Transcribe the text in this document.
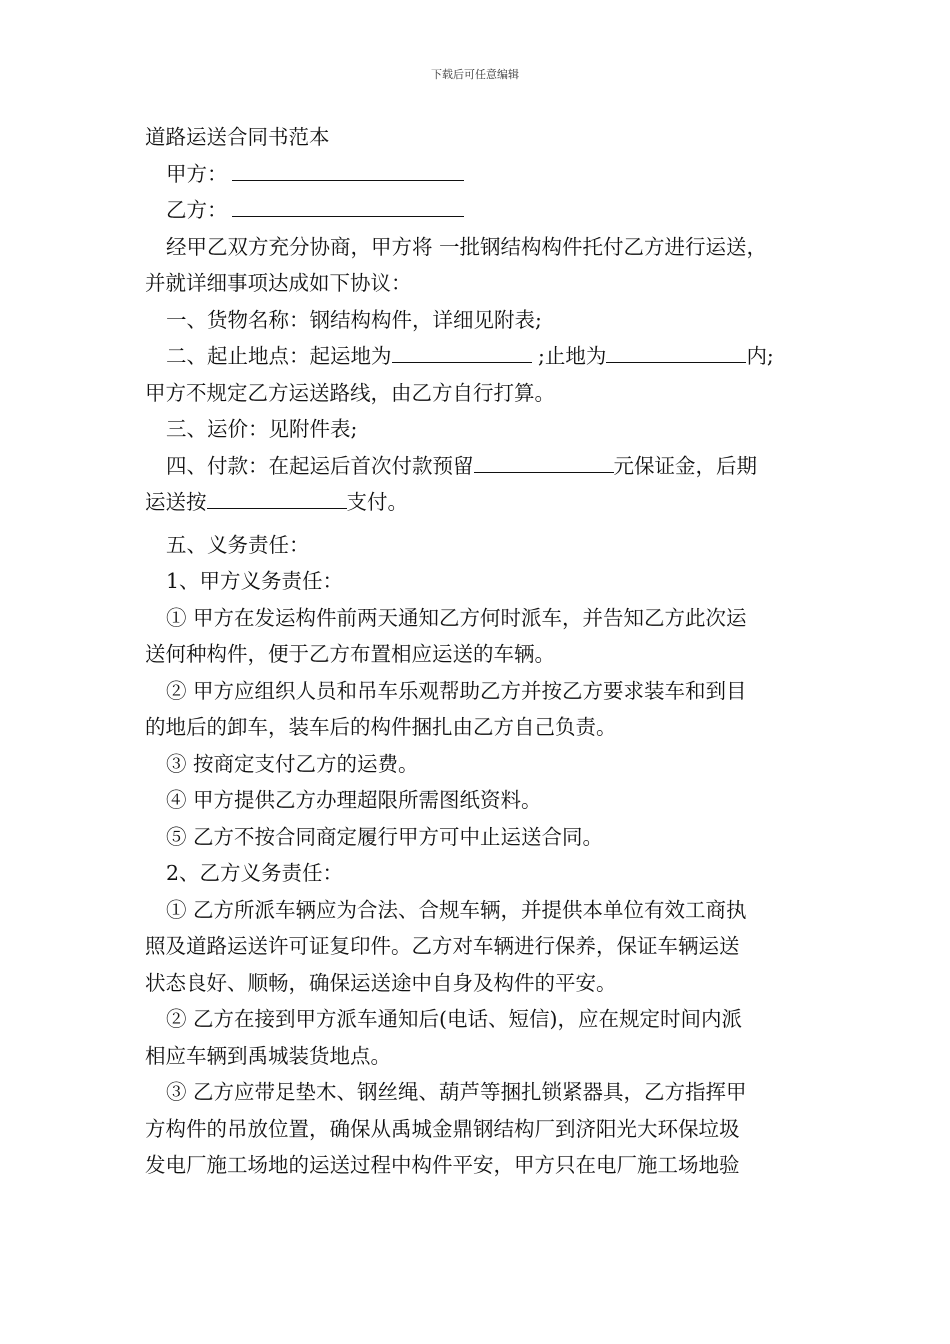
下载后可任意编辑
道路运送合同书范本
甲方：
乙方：
经甲乙双方充分协商，甲方将 一批钢结构构件托付乙方进行运送，
并就详细事项达成如下协议：
一、货物名称：钢结构构件，详细见附表;
二、起止地点：起运地为	;止地为	内;
甲方不规定乙方运送路线，由乙方自行打算。
三、运价：见附件表;
四、付款：在起运后首次付款预留	元保证金，后期
运送按	支付。
五、义务责任：
1、甲方义务责任：
① 甲方在发运构件前两天通知乙方何时派车，并告知乙方此次运
送何种构件，便于乙方布置相应运送的车辆。
② 甲方应组织人员和吊车乐观帮助乙方并按乙方要求装车和到目
的地后的卸车，装车后的构件捆扎由乙方自己负责。
③ 按商定支付乙方的运费。
④ 甲方提供乙方办理超限所需图纸资料。
⑤ 乙方不按合同商定履行甲方可中止运送合同。
2、乙方义务责任：
① 乙方所派车辆应为合法、合规车辆，并提供本单位有效工商执
照及道路运送许可证复印件。乙方对车辆进行保养，保证车辆运送
状态良好、顺畅，确保运送途中自身及构件的平安。
② 乙方在接到甲方派车通知后(电话、短信)，应在规定时间内派
相应车辆到禹城装货地点。
③ 乙方应带足垫木、钢丝绳、葫芦等捆扎锁紧器具，乙方指挥甲
方构件的吊放位置，确保从禹城金鼎钢结构厂到济阳光大环保垃圾
发电厂施工场地的运送过程中构件平安，甲方只在电厂施工场地验
